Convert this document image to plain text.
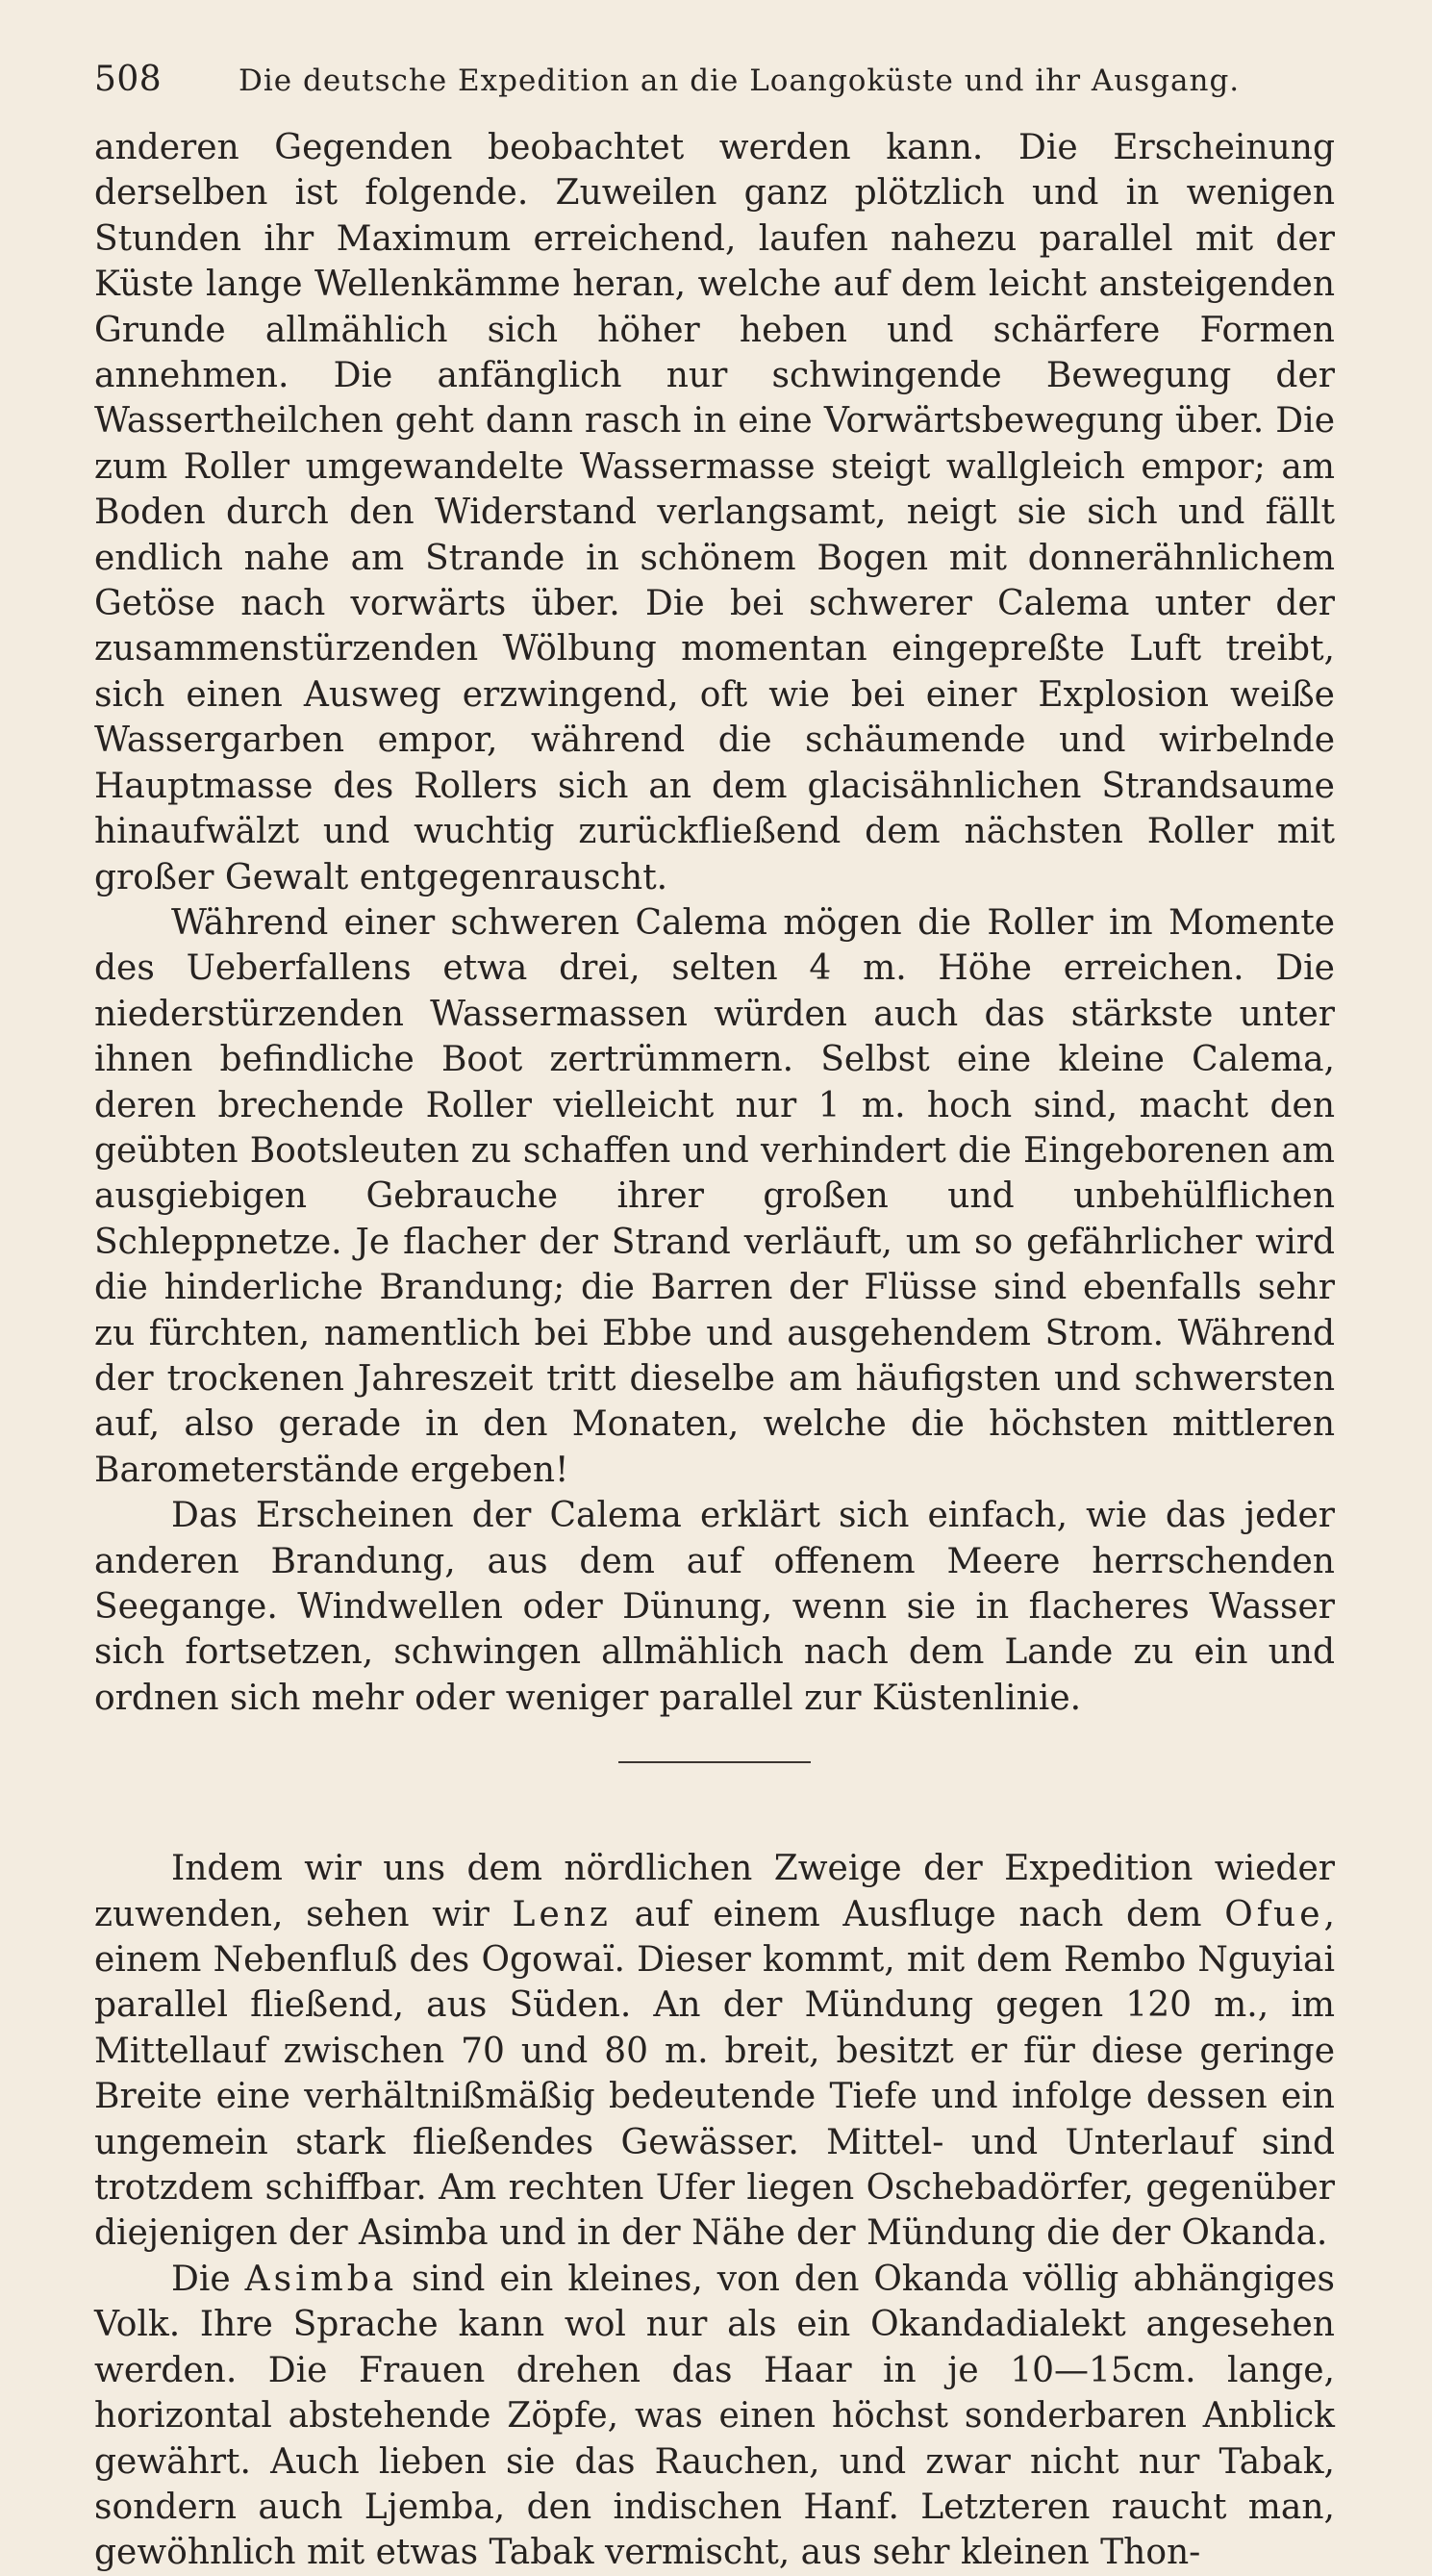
508	Die deutsche Expedition an die Loangoküste und ihr Ausgang.

anderen Gegenden beobachtet werden kann. Die Erscheinung derselben ist folgende. Zuweilen ganz plötzlich und in wenigen Stunden ihr Maximum erreichend, laufen nahezu parallel mit der Küste lange Wellenkämme heran, welche auf dem leicht ansteigenden Grunde allmählich sich höher heben und schärfere Formen annehmen. Die anfänglich nur schwingende Bewegung der Wassertheilchen geht dann rasch in eine Vorwärtsbewegung über. Die zum Roller umgewandelte Wassermasse steigt wallgleich empor; am Boden durch den Widerstand verlangsamt, neigt sie sich und fällt endlich nahe am Strande in schönem Bogen mit donnerähnlichem Getöse nach vorwärts über. Die bei schwerer Calema unter der zusammenstürzenden Wölbung momentan eingepreßte Luft treibt, sich einen Ausweg erzwingend, oft wie bei einer Explosion weiße Wassergarben empor, während die schäumende und wirbelnde Hauptmasse des Rollers sich an dem glacisähnlichen Strandsaume hinaufwälzt und wuchtig zurückfließend dem nächsten Roller mit großer Gewalt entgegenrauscht.

Während einer schweren Calema mögen die Roller im Momente des Ueberfallens etwa drei, selten 4 m. Höhe erreichen. Die niederstürzenden Wassermassen würden auch das stärkste unter ihnen befindliche Boot zertrümmern. Selbst eine kleine Calema, deren brechende Roller vielleicht nur 1 m. hoch sind, macht den geübten Bootsleuten zu schaffen und verhindert die Eingeborenen am ausgiebigen Gebrauche ihrer großen und unbehülflichen Schleppnetze. Je flacher der Strand verläuft, um so gefährlicher wird die hinderliche Brandung; die Barren der Flüsse sind ebenfalls sehr zu fürchten, namentlich bei Ebbe und ausgehendem Strom. Während der trockenen Jahreszeit tritt dieselbe am häufigsten und schwersten auf, also gerade in den Monaten, welche die höchsten mittleren Barometerstände ergeben!

Das Erscheinen der Calema erklärt sich einfach, wie das jeder anderen Brandung, aus dem auf offenem Meere herrschenden Seegange. Windwellen oder Dünung, wenn sie in flacheres Wasser sich fortsetzen, schwingen allmählich nach dem Lande zu ein und ordnen sich mehr oder weniger parallel zur Küstenlinie.

Indem wir uns dem nördlichen Zweige der Expedition wieder zuwenden, sehen wir Lenz auf einem Ausfluge nach dem Ofue, einem Nebenfluß des Ogowaï. Dieser kommt, mit dem Rembo Nguyiai parallel fließend, aus Süden. An der Mündung gegen 120 m., im Mittellauf zwischen 70 und 80 m. breit, besitzt er für diese geringe Breite eine verhältnißmäßig bedeutende Tiefe und infolge dessen ein ungemein stark fließendes Gewässer. Mittel- und Unterlauf sind trotzdem schiffbar. Am rechten Ufer liegen Oschebadörfer, gegenüber diejenigen der Asimba und in der Nähe der Mündung die der Okanda.

Die Asimba sind ein kleines, von den Okanda völlig abhängiges Volk. Ihre Sprache kann wol nur als ein Okandadialekt angesehen werden. Die Frauen drehen das Haar in je 10—15cm. lange, horizontal abstehende Zöpfe, was einen höchst sonderbaren Anblick gewährt. Auch lieben sie das Rauchen, und zwar nicht nur Tabak, sondern auch Ljemba, den indischen Hanf. Letzteren raucht man, gewöhnlich mit etwas Tabak vermischt, aus sehr kleinen Thon-
